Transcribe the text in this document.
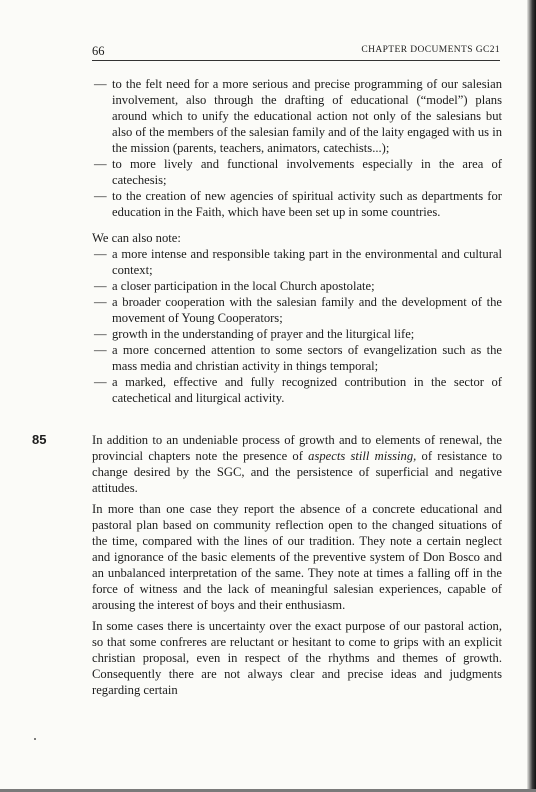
66	CHAPTER DOCUMENTS GC21
— to the felt need for a more serious and precise programming of our salesian involvement, also through the drafting of educational (“model”) plans around which to unify the educational action not only of the salesians but also of the members of the salesian family and of the laity engaged with us in the mission (parents, teachers, animators, catechists...);
— to more lively and functional involvements especially in the area of catechesis;
— to the creation of new agencies of spiritual activity such as departments for education in the Faith, which have been set up in some countries.
We can also note:
— a more intense and responsible taking part in the environmental and cultural context;
— a closer participation in the local Church apostolate;
— a broader cooperation with the salesian family and the development of the movement of Young Cooperators;
— growth in the understanding of prayer and the liturgical life;
— a more concerned attention to some sectors of evangelization such as the mass media and christian activity in things temporal;
— a marked, effective and fully recognized contribution in the sector of catechetical and liturgical activity.
85	In addition to an undeniable process of growth and to elements of renewal, the provincial chapters note the presence of aspects still missing, of resistance to change desired by the SGC, and the persistence of superficial and negative attitudes.

In more than one case they report the absence of a concrete educational and pastoral plan based on community reflection open to the changed situations of the time, compared with the lines of our tradition. They note a certain neglect and ignorance of the basic elements of the preventive system of Don Bosco and an unbalanced interpretation of the same. They note at times a falling off in the force of witness and the lack of meaningful salesian experiences, capable of arousing the interest of boys and their enthusiasm.

In some cases there is uncertainty over the exact purpose of our pastoral action, so that some confreres are reluctant or hesitant to come to grips with an explicit christian proposal, even in respect of the rhythms and themes of growth. Consequently there are not always clear and precise ideas and judgments regarding certain
